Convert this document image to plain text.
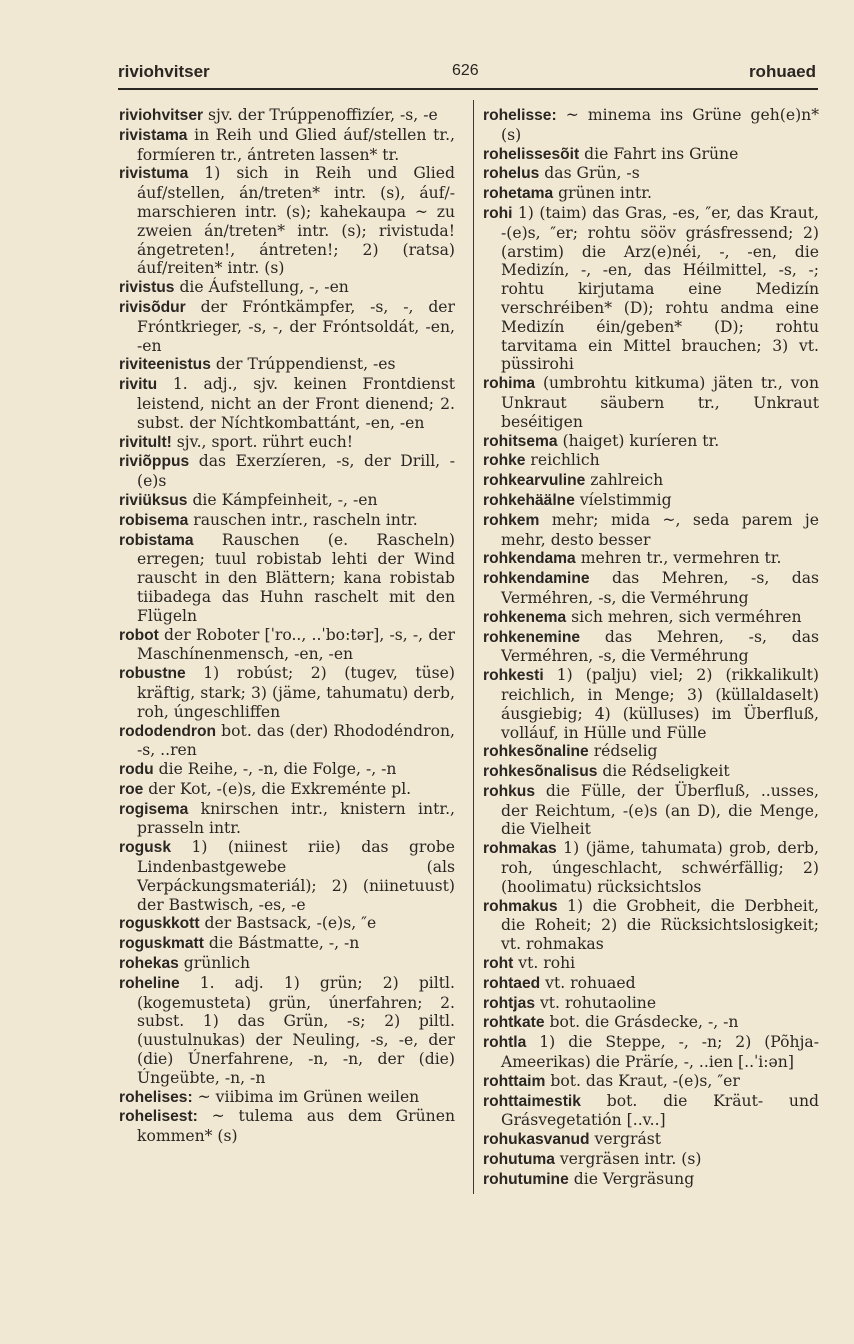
riviohvitser	626	rohuaed

riviohvitser sjv. der Trúppenoffizíer, -s, -e

rivistama in Reih und Glied áuf/stellen tr., formíeren tr., ántreten lassen* tr.

rivistuma 1) sich in Reih und Glied áuf/stellen, án/treten* intr. (s), áuf/-marschieren intr. (s); kahekaupa ~ zu zweien án/treten* intr. (s); rivistuda! ángetreten!, ántreten!; 2) (ratsa) áuf/reiten* intr. (s)

rivistus die Áufstellung, -, -en

rivisõdur der Fróntkämpfer, -s, -, der Fróntkrieger, -s, -, der Fróntsoldát, -en, -en

riviteenistus der Trúppendienst, -es

rivitu 1. adj., sjv. keinen Frontdienst leistend, nicht an der Front dienend; 2. subst. der Níchtkombattánt, -en, -en

rivitult! sjv., sport. rührt euch!

riviõppus das Exerzíeren, -s, der Drill, -(e)s

riviüksus die Kámpfeinheit, -, -en

robisema rauschen intr., rascheln intr.

robistama Rauschen (e. Rascheln) erregen; tuul robistab lehti der Wind rauscht in den Blättern; kana robistab tiibadega das Huhn raschelt mit den Flügeln

robot der Roboter [ˈro.., ..ˈbo:tər], -s, -, der Maschínenmensch, -en, -en

robustne 1) robúst; 2) (tugev, tüse) kräftig, stark; 3) (jäme, tahumatu) derb, roh, úngeschliffen

rododendron bot. das (der) Rhododéndron, -s, ..ren

rodu die Reihe, -, -n, die Folge, -, -n

roe der Kot, -(e)s, die Exkreménte pl.

rogisema knirschen intr., knistern intr., prasseln intr.

rogusk 1) (niinest riie) das grobe Lindenbastgewebe (als Verpáckungsmateriál); 2) (niinetuust) der Bastwisch, -es, -e

roguskkott der Bastsack, -(e)s, ″e

roguskmatt die Bástmatte, -, -n

rohekas grünlich

roheline 1. adj. 1) grün; 2) piltl. (kogemusteta) grün, únerfahren; 2. subst. 1) das Grün, -s; 2) piltl. (uustulnukas) der Neuling, -s, -e, der (die) Únerfahrene, -n, -n, der (die) Úngeübte, -n, -n

rohelises: ~ viibima im Grünen weilen

rohelisest: ~ tulema aus dem Grünen kommen* (s)

rohelisse: ~ minema ins Grüne geh(e)n* (s)

rohelissesõit die Fahrt ins Grüne

rohelus das Grün, -s

rohetama grünen intr.

rohi 1) (taim) das Gras, -es, ″er, das Kraut, -(e)s, ″er; rohtu sööv grásfressend; 2) (arstim) die Arz(e)néi, -, -en, die Medizín, -, -en, das Héilmittel, -s, -; rohtu kirjutama eine Medizín verschréiben* (D); rohtu andma eine Medizín éin/geben* (D); rohtu tarvitama ein Mittel brauchen; 3) vt. püssirohi

rohima (umbrohtu kitkuma) jäten tr., von Unkraut säubern tr., Unkraut beséitigen

rohitsema (haiget) kuríeren tr.

rohke reichlich

rohkearvuline zahlreich

rohkehäälne víelstimmig

rohkem mehr; mida ~, seda parem je mehr, desto besser

rohkendama mehren tr., vermehren tr.

rohkendamine das Mehren, -s, das Verméhren, -s, die Verméhrung

rohkenema sich mehren, sich verméhren

rohkenemine das Mehren, -s, das Verméhren, -s, die Verméhrung

rohkesti 1) (palju) viel; 2) (rikkalikult) reichlich, in Menge; 3) (küllaldaselt) áusgiebig; 4) (külluses) im Überfluß, volláuf, in Hülle und Fülle

rohkesõnaline rédselig

rohkesõnalisus die Rédseligkeit

rohkus die Fülle, der Überfluß, ..usses, der Reichtum, -(e)s (an D), die Menge, die Vielheit

rohmakas 1) (jäme, tahumata) grob, derb, roh, úngeschlacht, schwérfällig; 2) (hoolimatu) rücksichtslos

rohmakus 1) die Grobheit, die Derbheit, die Roheit; 2) die Rücksichtslosigkeit; vt. rohmakas

roht vt. rohi

rohtaed vt. rohuaed

rohtjas vt. rohutaoline

rohtkate bot. die Grásdecke, -, -n

rohtla 1) die Steppe, -, -n; 2) (Põhja-Ameerikas) die Präríe, -, ..ien [..ˈi:ən]

rohttaim bot. das Kraut, -(e)s, ″er

rohttaimestik bot. die Kräut- und Grásvegetatión [..v..]

rohukasvanud vergrást

rohutuma vergräsen intr. (s)

rohutumine die Vergräsung
